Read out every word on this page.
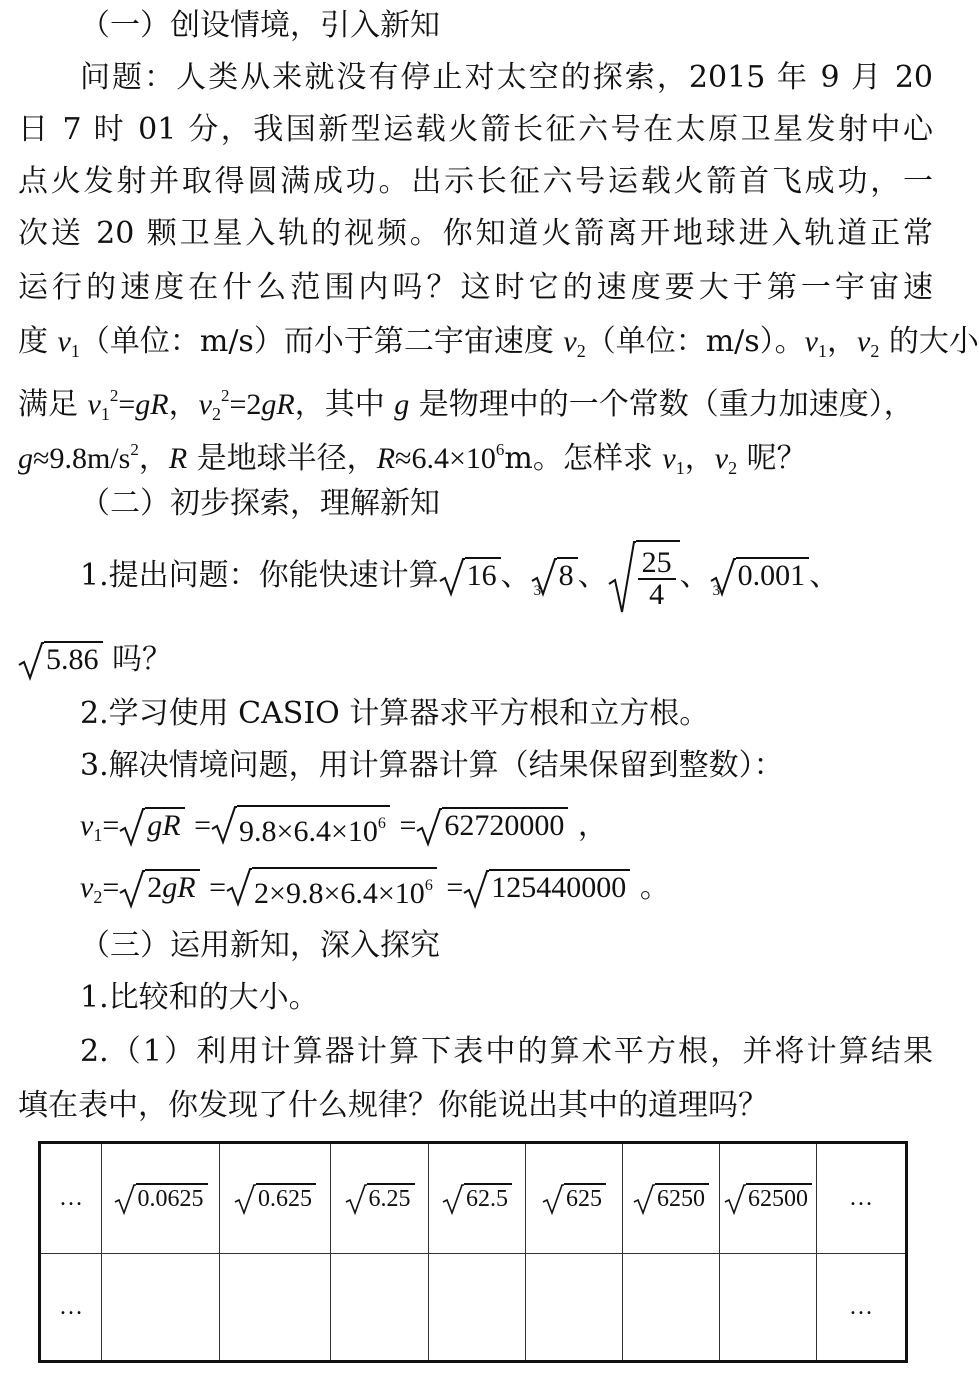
（一）创设情境，引入新知
问题：人类从来就没有停止对太空的探索，2015 年 9 月 20
日 7 时 01 分，我国新型运载火箭长征六号在太原卫星发射中心
点火发射并取得圆满成功。出示长征六号运载火箭首飞成功，一
次送 20 颗卫星入轨的视频。你知道火箭离开地球进入轨道正常
运行的速度在什么范围内吗？这时它的速度要大于第一宇宙速
度 $v_1$（单位：m/s）而小于第二宇宙速度 $v_2$（单位：m/s）。$v_1$，$v_2$ 的大小
满足 $v_1^2=gR$，$v_2^2=2gR$，其中 g 是物理中的一个常数（重力加速度），
$g\approx 9.8m/s^2$，R 是地球半径，$R\approx 6.4\times 10^6m$。怎样求 $v_1$，$v_2$ 呢？
（二）初步探索，理解新知
1.提出问题：你能快速计算 16 、 3 8 、 $\frac{25}{4}$ 、 3 0.001 、
5.86 吗？
2.学习使用 CASIO 计算器求平方根和立方根。
3.解决情境问题，用计算器计算（结果保留到整数）：
$v_1=$ gR = $9.8\times 6.4\times 10^6 = 62720000$ ，
$v_2= 2gR = 2\times 9.8\times 6.4\times 10^6 = 125440000$ 。
（三）运用新知，深入探究
1.比较和的大小。
2.（1）利用计算器计算下表中的算术平方根，并将计算结果
填在表中，你发现了什么规律？你能说出其中的道理吗？
…	0.0625	0.625	6.25	62.5	625	6250	62500	…
…								…
